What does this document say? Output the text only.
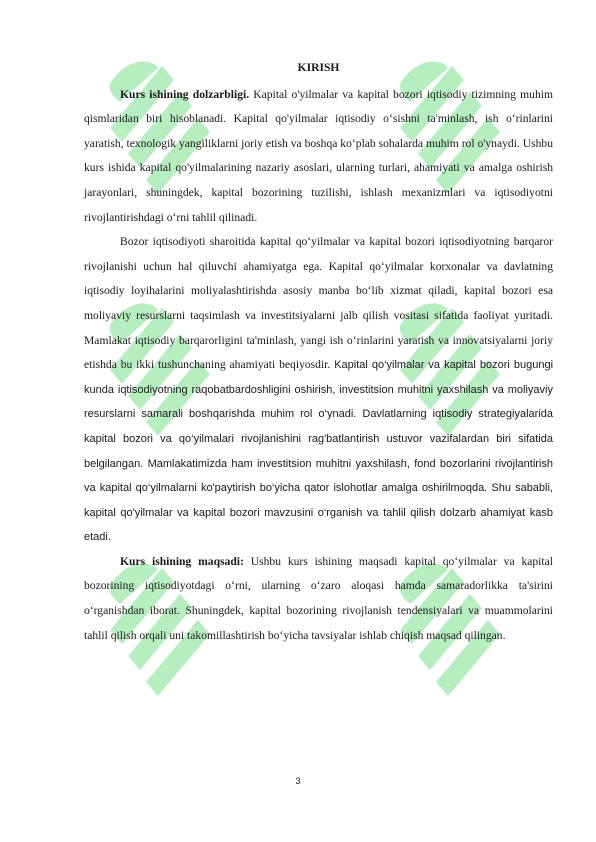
KIRISH

Kurs ishining dolzarbligi. Kapital o'yilmalar va kapital bozori iqtisodiy tizimning muhim qismlaridan biri hisoblanadi. Kapital qo'yilmalar iqtisodiy o‘sishni ta'minlash, ish o‘rinlarini yaratish, texnologik yangiliklarni joriy etish va boshqa ko‘plab sohalarda muhim rol o'ynaydi. Ushbu kurs ishida kapital qo'yilmalarining nazariy asoslari, ularning turlari, ahamiyati va amalga oshirish jarayonlari, shuningdek, kapital bozorining tuzilishi, ishlash mexanizmlari va iqtisodiyotni rivojlantirishdagi o‘rni tahlil qilinadi.

Bozor iqtisodiyoti sharoitida kapital qo‘yilmalar va kapital bozori iqtisodiyotning barqaror rivojlanishi uchun hal qiluvchi ahamiyatga ega. Kapital qo‘yilmalar korxonalar va davlatning iqtisodiy loyihalarini moliyalashtirishda asosiy manba bo‘lib xizmat qiladi, kapital bozori esa moliyaviy resurslarni taqsimlash va investitsiyalarni jalb qilish vositasi sifatida faoliyat yuritadi. Mamlakat iqtisodiy barqarorligini ta'minlash, yangi ish o‘rinlarini yaratish va innovatsiyalarni joriy etishda bu ikki tushunchaning ahamiyati beqiyosdir. Kapital qo‘yilmalar va kapital bozori bugungi kunda iqtisodiyotning raqobatbardoshligini oshirish, investitsion muhitni yaxshilash va moliyaviy resurslarni samarali boshqarishda muhim rol o‘ynadi. Davlatlarning iqtisodiy strategiyalarida kapital bozori va qo‘yilmalari rivojlanishini rag'batlantirish ustuvor vazifalardan biri sifatida belgilangan. Mamlakatimizda ham investitsion muhitni yaxshilash, fond bozorlarini rivojlantirish va kapital qo‘yilmalarni ko'paytirish bo‘yicha qator islohotlar amalga oshirilmoqda. Shu sababli, kapital qo'yilmalar va kapital bozori mavzusini o‘rganish va tahlil qilish dolzarb ahamiyat kasb etadi.

Kurs ishining maqsadi: Ushbu kurs ishining maqsadi kapital qo‘yilmalar va kapital bozorining iqtisodiyotdagi o‘rni, ularning o‘zaro aloqasi hamda samaradorlikka ta'sirini o‘rganishdan iborat. Shuningdek, kapital bozorining rivojlanish tendensiyalari va muammolarini tahlil qilish orqali uni takomillashtirish bo‘yicha tavsiyalar ishlab chiqish maqsad qilingan.

3
